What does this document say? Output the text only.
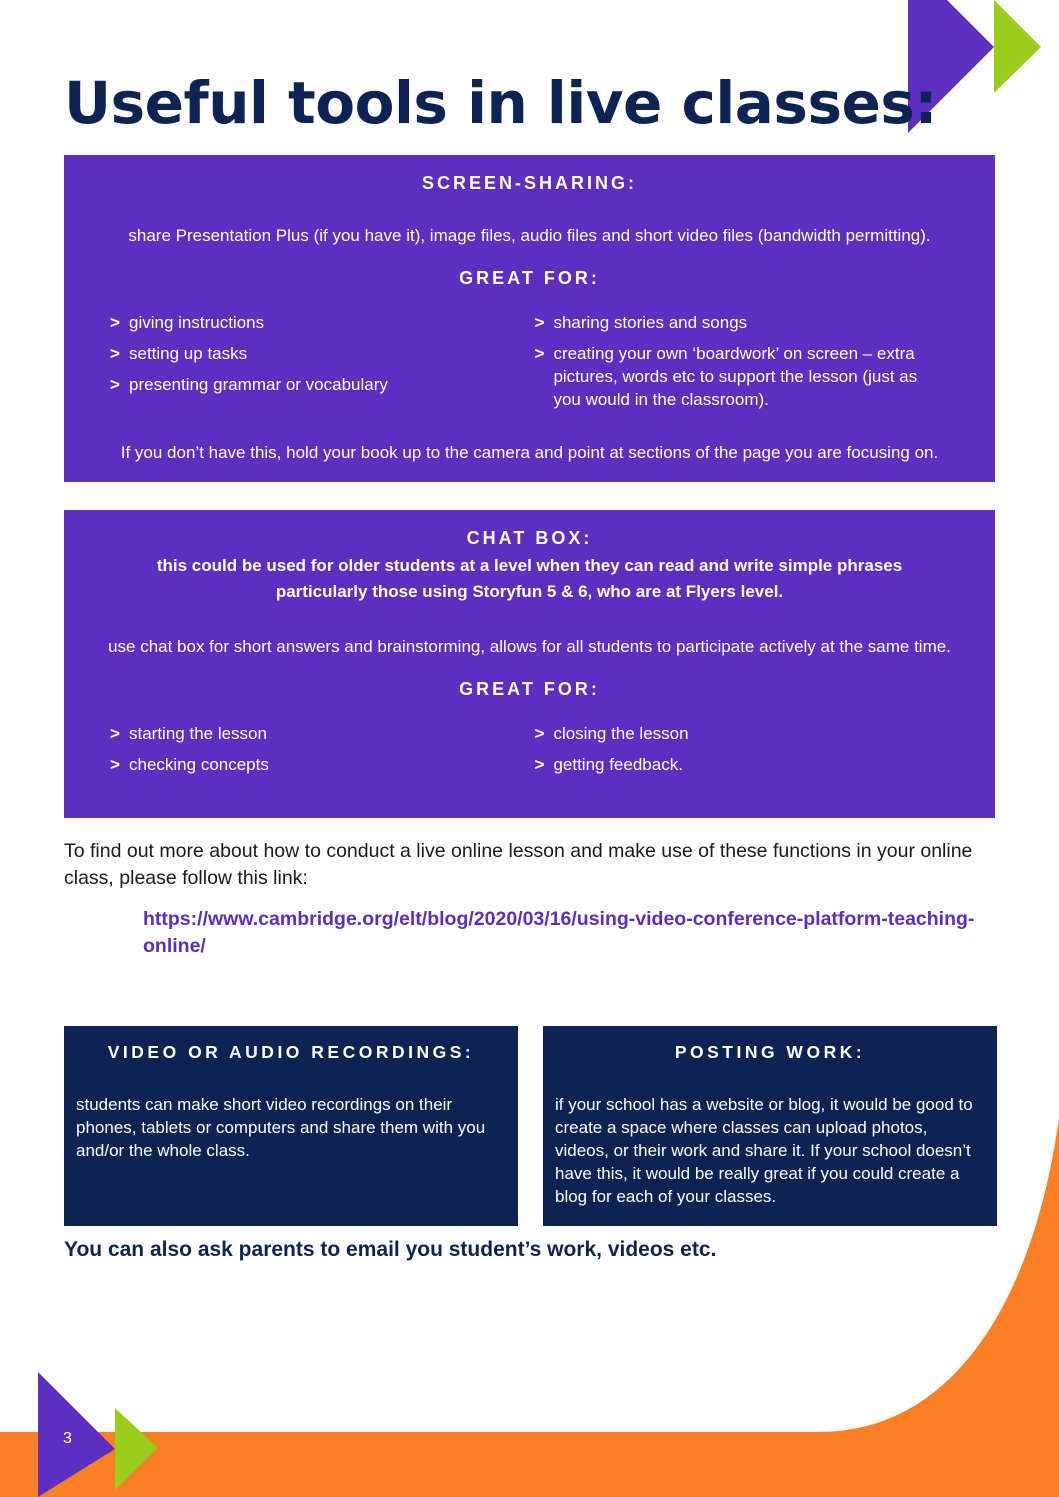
Useful tools in live classes:

SCREEN-SHARING:

share Presentation Plus (if you have it), image files, audio files and short video files (bandwidth permitting).

GREAT FOR:

> giving instructions
> setting up tasks
> presenting grammar or vocabulary
> sharing stories and songs
> creating your own ‘boardwork’ on screen – extra pictures, words etc to support the lesson (just as you would in the classroom).

If you don’t have this, hold your book up to the camera and point at sections of the page you are focusing on.

CHAT BOX:

this could be used for older students at a level when they can read and write simple phrases particularly those using Storyfun 5 & 6, who are at Flyers level.

use chat box for short answers and brainstorming, allows for all students to participate actively at the same time.

GREAT FOR:

> starting the lesson
> checking concepts
> closing the lesson
> getting feedback.

To find out more about how to conduct a live online lesson and make use of these functions in your online class, please follow this link:

https://www.cambridge.org/elt/blog/2020/03/16/using-video-conference-platform-teaching-online/

VIDEO OR AUDIO RECORDINGS:

students can make short video recordings on their phones, tablets or computers and share them with you and/or the whole class.

POSTING WORK:

if your school has a website or blog, it would be good to create a space where classes can upload photos, videos, or their work and share it. If your school doesn’t have this, it would be really great if you could create a blog for each of your classes.

You can also ask parents to email you student’s work, videos etc.

3
